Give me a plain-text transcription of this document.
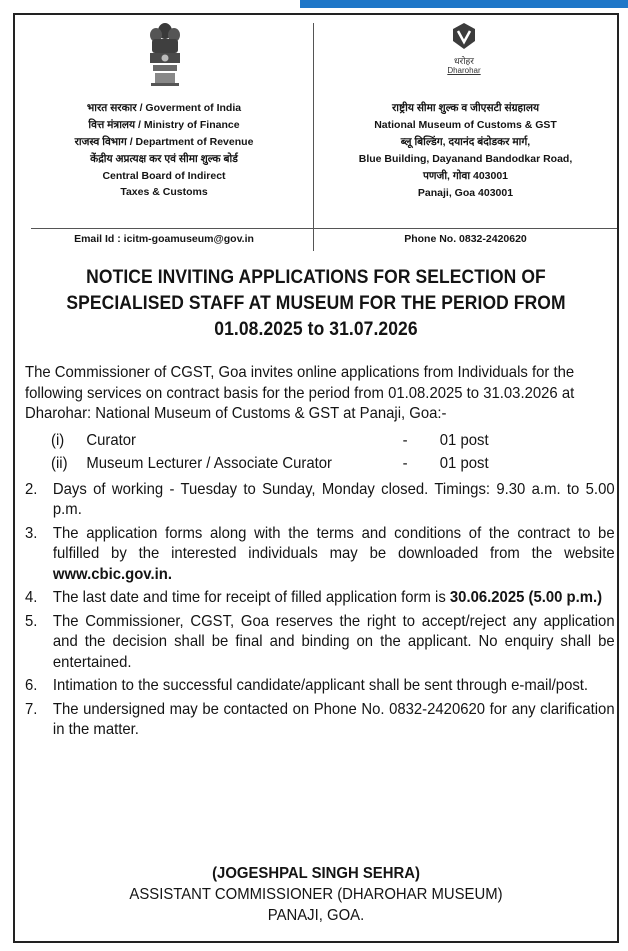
भारत सरकार / Goverment of India
वित्त मंत्रालय / Ministry of Finance
राजस्व विभाग / Department of Revenue
केंद्रीय अप्रत्यक्ष कर एवं सीमा शुल्क बोर्ड
Central Board of Indirect
Taxes & Customs
धरोहर
Dharohar
राष्ट्रीय सीमा शुल्क व जीएसटी संग्रहालय
National Museum of Customs & GST
ब्लू बिल्डिंग, दयानंद बंदोडकर मार्ग,
Blue Building, Dayanand Bandodkar Road,
पणजी, गोवा 403001
Panaji, Goa 403001
Email Id : icitm-goamuseum@gov.in	Phone No. 0832-2420620
NOTICE INVITING APPLICATIONS FOR SELECTION OF
SPECIALISED STAFF AT MUSEUM FOR THE PERIOD FROM
01.08.2025 to 31.07.2026
The Commissioner of CGST, Goa invites online applications from Individuals for the following services on contract basis for the period from 01.08.2025 to 31.03.2026 at Dharohar: National Museum of Customs & GST at Panaji, Goa:-
(i)	Curator	-	01 post
(ii)	Museum Lecturer / Associate Curator	-	01 post
2. Days of working - Tuesday to Sunday, Monday closed. Timings: 9.30 a.m. to 5.00 p.m.
3. The application forms along with the terms and conditions of the contract to be fulfilled by the interested individuals may be downloaded from the website www.cbic.gov.in.
4. The last date and time for receipt of filled application form is 30.06.2025 (5.00 p.m.)
5. The Commissioner, CGST, Goa reserves the right to accept/reject any application and the decision shall be final and binding on the applicant. No enquiry shall be entertained.
6. Intimation to the successful candidate/applicant shall be sent through e-mail/post.
7. The undersigned may be contacted on Phone No. 0832-2420620 for any clarification in the matter.
(JOGESHPAL SINGH SEHRA)
ASSISTANT COMMISSIONER (DHAROHAR MUSEUM)
PANAJI, GOA.
